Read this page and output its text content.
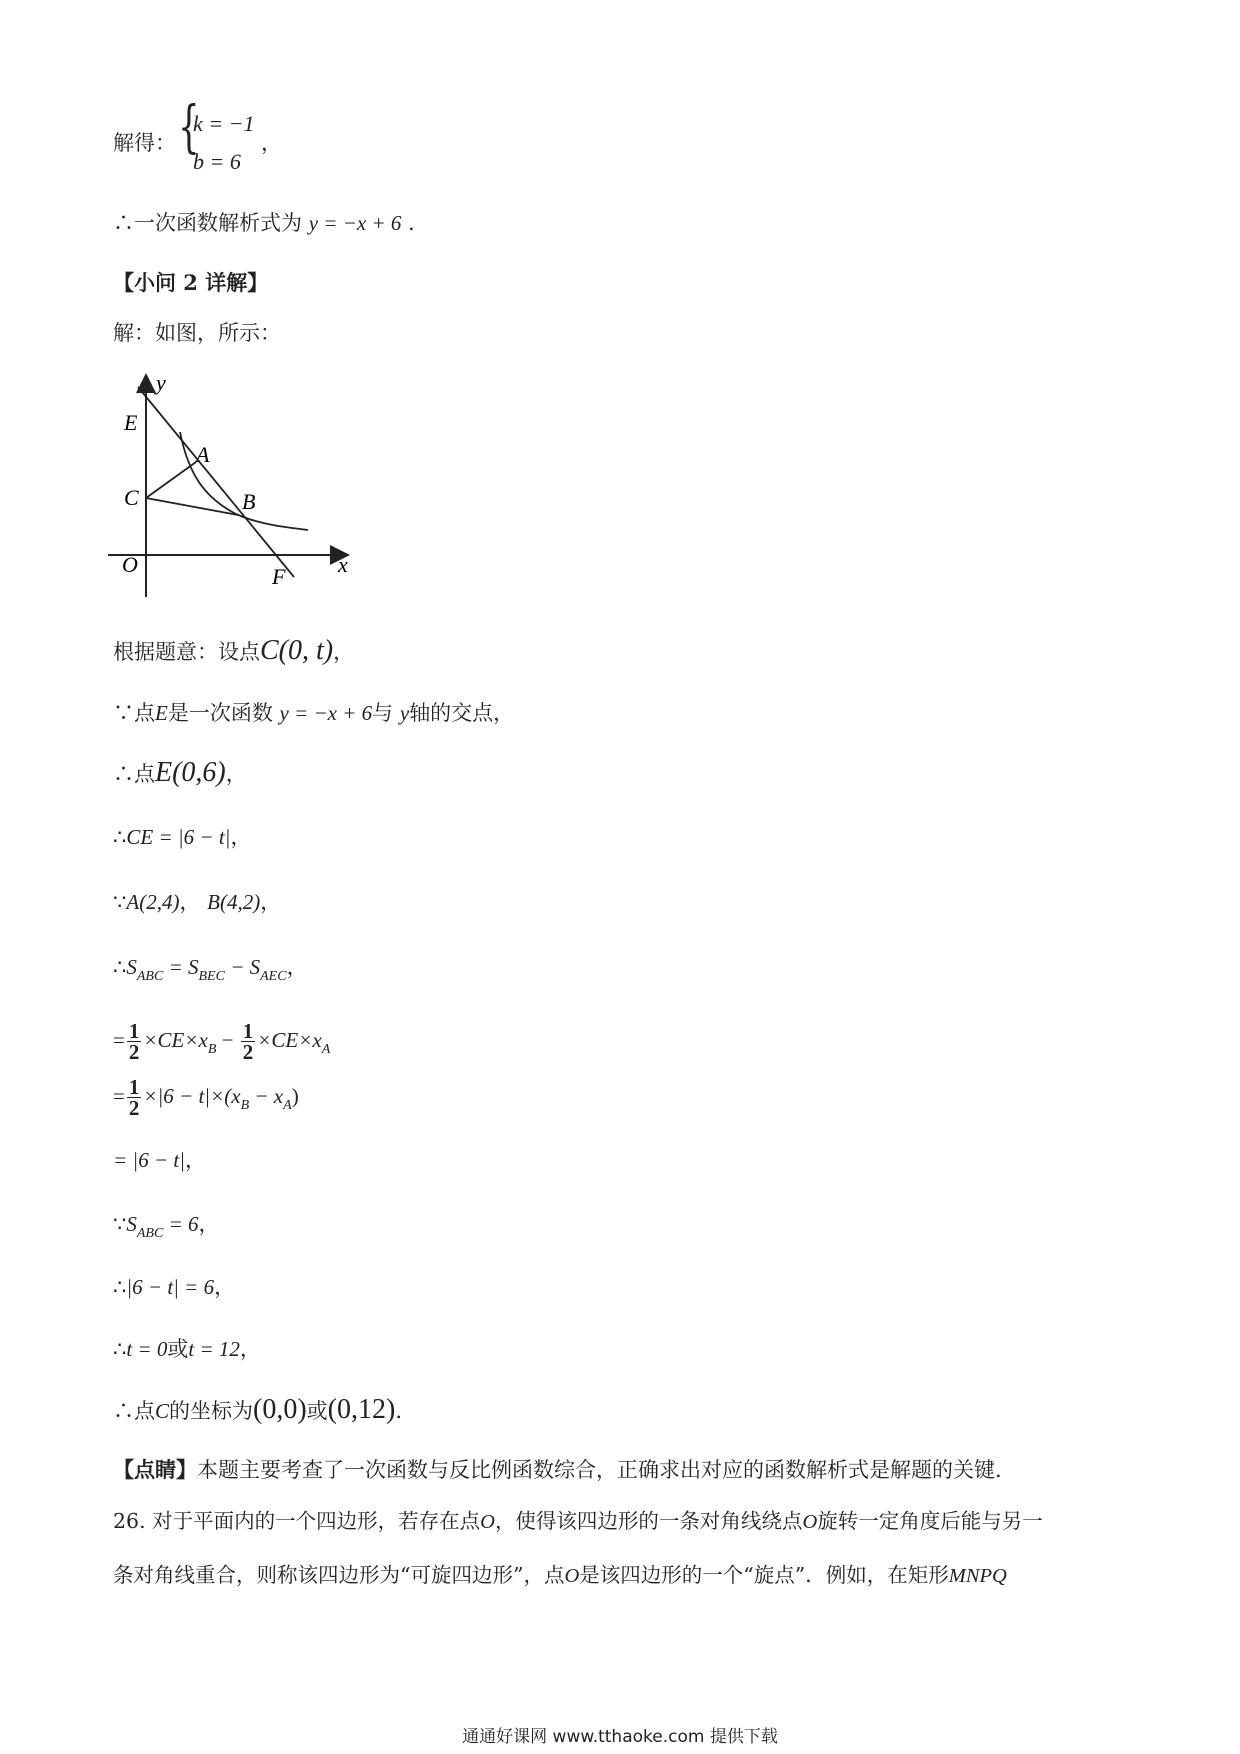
解得： {
k = −1
b = 6
，
∴一次函数解析式为 y = −x + 6 .
【小问 2 详解】
解：如图，所示：
y
E
A
C	B
O	F x
根据题意：设点C(0, t)，
∵点E是一次函数 y = −x + 6与 y轴的交点，
∴点E(0,6)，
∴CE = |6 − t|，
∵A(2,4)， B(4,2)，
$\therefore S_{ABC} = S_{BEC} - S_{AEC}$，
= $\frac{1}{2} \times CE\times x_B - \frac{1}{2} \times CE\times x_A$
= $\frac{1}{2} \times|6 - t|\times(x_B - x_A)$
= |6 − t|，
$\because S_{ABC} = 6$，
∴|6 − t| = 6，
∴t = 0或t = 12，
∴点C的坐标为(0,0)或(0,12).
【点睛】本题主要考查了一次函数与反比例函数综合，正确求出对应的函数解析式是解题的关键.
26. 对于平面内的一个四边形，若存在点O，使得该四边形的一条对角线绕点O旋转一定角度后能与另一
条对角线重合，则称该四边形为“可旋四边形”，点O是该四边形的一个“旋点”．例如，在矩形MNPQ
通通好课网 www.tthaoke.com 提供下载
